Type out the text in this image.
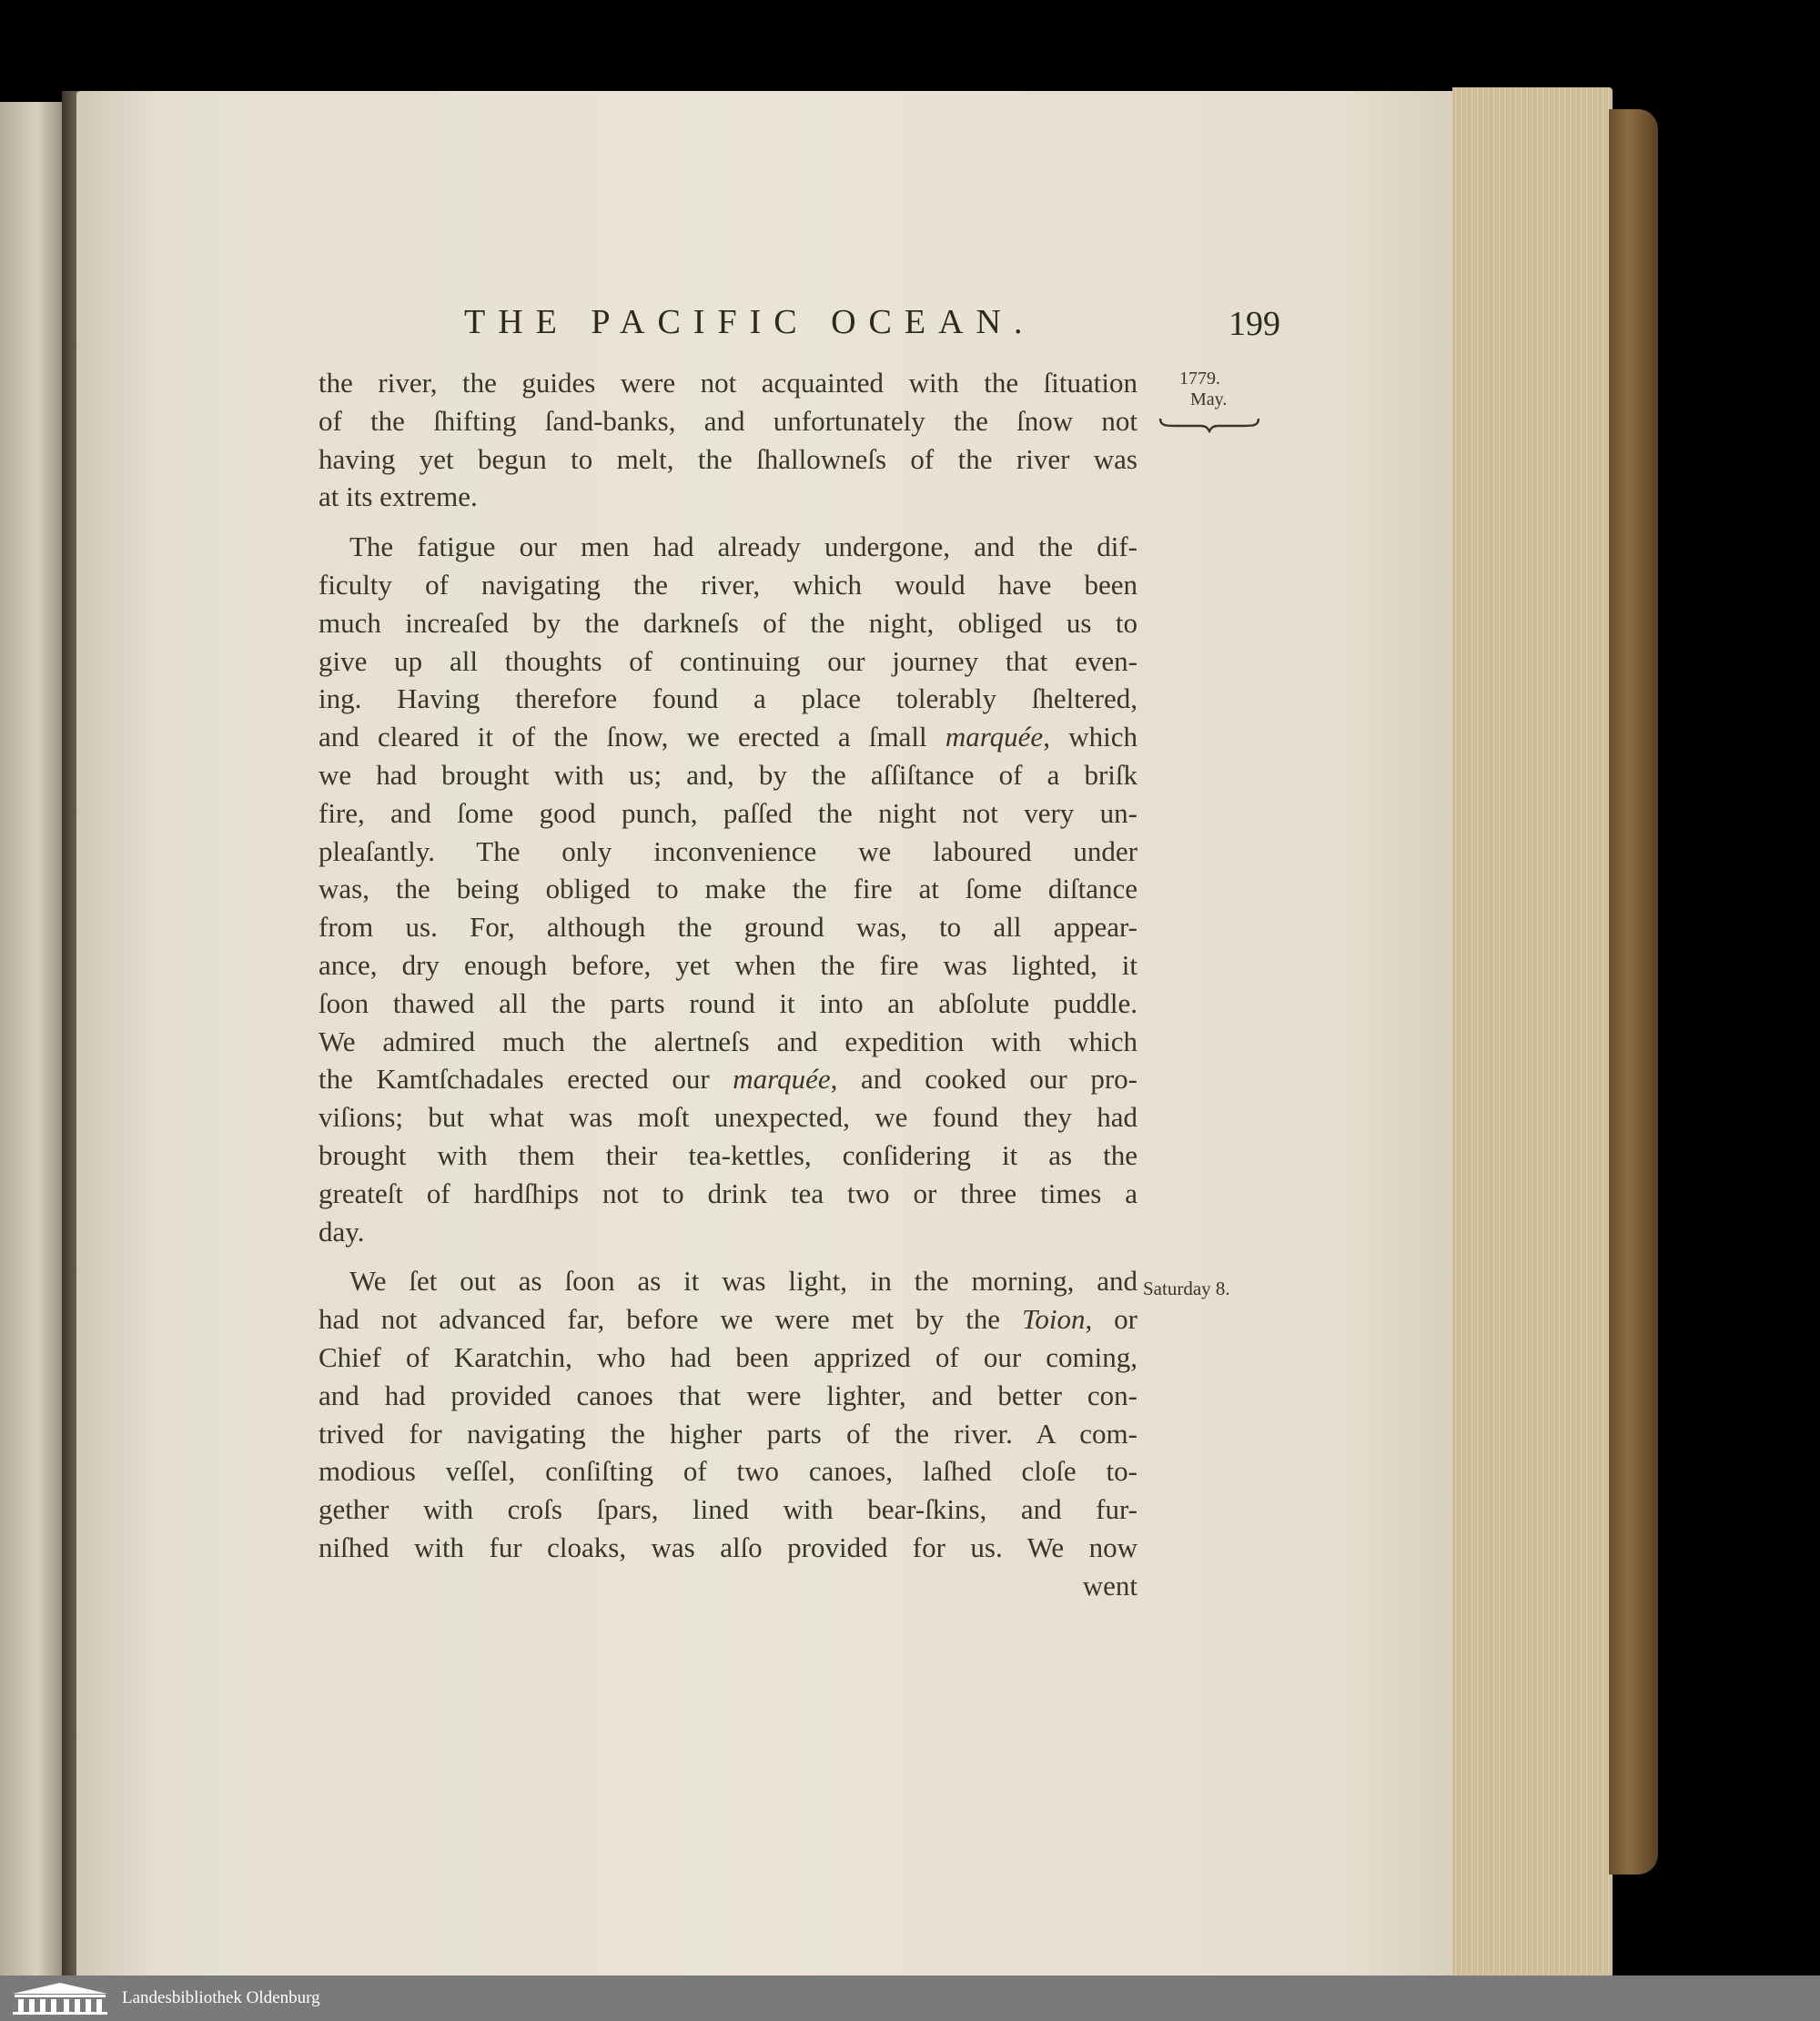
THE PACIFIC OCEAN.	199
1779.
May.
Saturday 8.

the river, the guides were not acquainted with the ſituation
of the ſhifting ſand-banks, and unfortunately the ſnow not
having yet begun to melt, the ſhallowneſs of the river was
at its extreme.

The fatigue our men had already undergone, and the dif-
ficulty of navigating the river, which would have been
much increaſed by the darkneſs of the night, obliged us to
give up all thoughts of continuing our journey that even-
ing. Having therefore found a place tolerably ſheltered,
and cleared it of the ſnow, we erected a ſmall marquée, which
we had brought with us; and, by the aſſiſtance of a briſk
fire, and ſome good punch, paſſed the night not very un-
pleaſantly. The only inconvenience we laboured under
was, the being obliged to make the fire at ſome diſtance
from us. For, although the ground was, to all appear-
ance, dry enough before, yet when the fire was lighted, it
ſoon thawed all the parts round it into an abſolute puddle.
We admired much the alertneſs and expedition with which
the Kamtſchadales erected our marquée, and cooked our pro-
viſions; but what was moſt unexpected, we found they had
brought with them their tea-kettles, conſidering it as the
greateſt of hardſhips not to drink tea two or three times a
day.

We ſet out as ſoon as it was light, in the morning, and
had not advanced far, before we were met by the Toion, or
Chief of Karatchin, who had been apprized of our coming,
and had provided canoes that were lighter, and better con-
trived for navigating the higher parts of the river. A com-
modious veſſel, conſiſting of two canoes, laſhed cloſe to-
gether with croſs ſpars, lined with bear-ſkins, and fur-
niſhed with fur cloaks, was alſo provided for us. We now
went

Landesbibliothek Oldenburg
